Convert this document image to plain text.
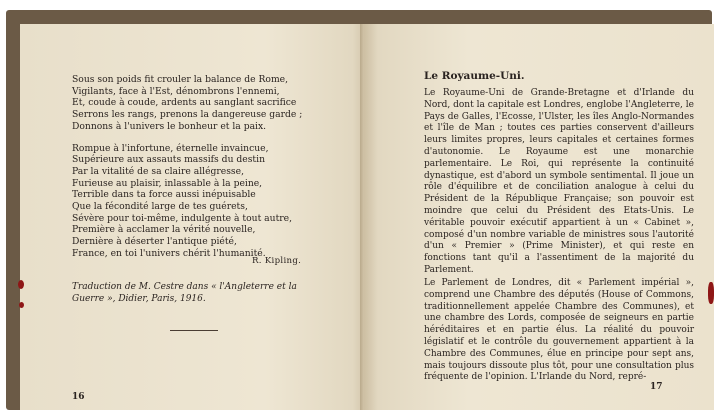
Sous son poids fit crouler la balance de Rome,
Vigilants, face à l'Est, dénombrons l'ennemi,
Et, coude à coude, ardents au sanglant sacrifice
Serrons les rangs, prenons la dangereuse garde ;
Donnons à l'univers le bonheur et la paix.
Rompue à l'infortune, éternelle invaincue,
Supérieure aux assauts massifs du destin
Par la vitalité de sa claire allégresse,
Furieuse au plaisir, inlassable à la peine,
Terrible dans ta force aussi inépuisable
Que la fécondité large de tes guérets,
Sévère pour toi-même, indulgente à tout autre,
Première à acclamer la vérité nouvelle,
Dernière à déserter l'antique piété,
France, en toi l'univers chérit l'humanité.
R. Kipling.
Traduction de M. Cestre dans « l'Angleterre et la Guerre », Didier, Paris, 1916.
16
Le Royaume-Uni.
Le Royaume-Uni de Grande-Bretagne et d'Irlande du Nord, dont la capitale est Londres, englobe l'Angleterre, le Pays de Galles, l'Ecosse, l'Ulster, les îles Anglo-Normandes et l'île de Man ; toutes ces parties conservent d'ailleurs leurs limites propres, leurs capitales et certaines formes d'autonomie. Le Royaume est une monarchie parlementaire. Le Roi, qui représente la continuité dynastique, est d'abord un symbole sentimental. Il joue un rôle d'équilibre et de conciliation analogue à celui du Président de la République Française; son pouvoir est moindre que celui du Président des Etats-Unis. Le véritable pouvoir exécutif appartient à un « Cabinet », composé d'un nombre variable de ministres sous l'autorité d'un « Premier » (Prime Minister), et qui reste en fonctions tant qu'il a l'assentiment de la majorité du Parlement.
Le Parlement de Londres, dit « Parlement impérial », comprend une Chambre des députés (House of Commons, traditionnellement appelée Chambre des Communes), et une chambre des Lords, composée de seigneurs en partie héréditaires et en partie élus. La réalité du pouvoir législatif et le contrôle du gouvernement appartient à la Chambre des Communes, élue en principe pour sept ans, mais toujours dissoute plus tôt, pour une consultation plus fréquente de l'opinion. L'Irlande du Nord, repré-
17
